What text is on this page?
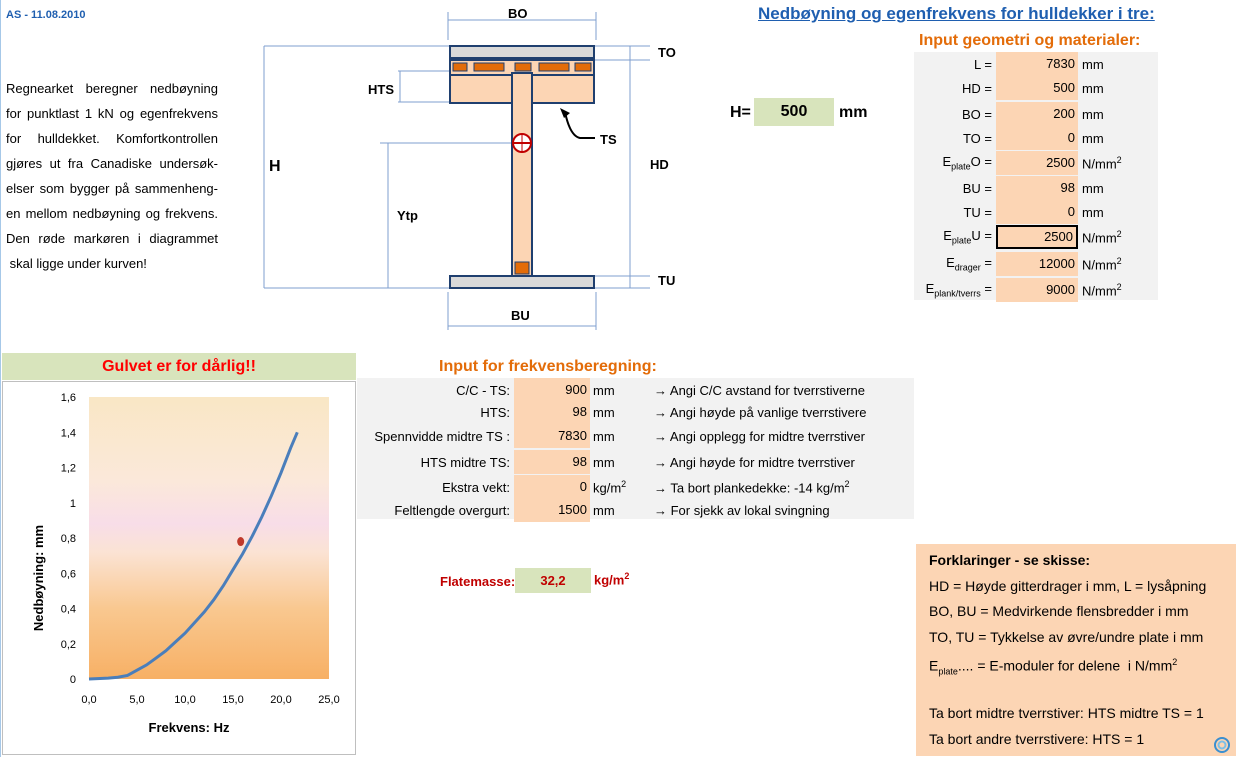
AS - 11.08.2010	Nedbøyning og egenfrekvens for hulldekker i tre:
Regnearket beregner nedbøyning
for punktlast 1 kN og egenfrekvens
for hulldekket. Komfortkontrollen
gjøres ut fra Canadiske undersøk-
elser som bygger på sammenheng-
en mellom nedbøyning og frekvens.
Den røde markøren i diagrammet
skal ligge under kurven!
BO
TO
HTS
TS
H	HD
Ytp
TU
BU
H=	500	mm
Input geometri og materialer:
L =	7830 mm
HD =	500 mm
BO =	200 mm
TO =	0 mm
$E_{plate}O$ =	2500 $N/mm^2$
BU =	98 mm
TU =	0 mm
$E_{plate}U$ =	2500 $N/mm^2$
$E_{drager}$ =	12000 $N/mm^2$
$E_{plank/tverrs}$ =	9000 $N/mm^2$
Input for frekvensberegning:
C/C - TS:	900 mm	→ Angi C/C avstand for tverrstiverne
HTS:	98 mm	→ Angi høyde på vanlige tverrstivere
Spennvidde midtre TS :	7830 mm	→ Angi opplegg for midtre tverrstiver
HTS midtre TS:	98 mm	→ Angi høyde for midtre tverrstiver
Ekstra vekt:	0 $kg/m^2$	→ Ta bort plankedekke: -14 $kg/m^2$
Feltlengde overgurt:	1500 mm	→ For sjekk av lokal svingning
Flatemasse:	32,2	$kg/m^2$
Gulvet er for dårlig!!
0,0	5,0	10,0 15,0 20,0 25,0
0
0,2
0,4
0,6
0,8
1
1,2
1,4
1,6
Frekvens: Hz
Nedbøyning: mm	Forklaringer - se skisse:
HD = Høyde gitterdrager i mm, L = lysåpning
BO, BU = Medvirkende flensbredder i mm
TO, TU = Tykkelse av øvre/undre plate i mm
$E_{plate}$.... = E-moduler for delene  i $N/mm^2$
Ta bort midtre tverrstiver: HTS midtre TS = 1
Ta bort andre tverrstivere: HTS = 1
